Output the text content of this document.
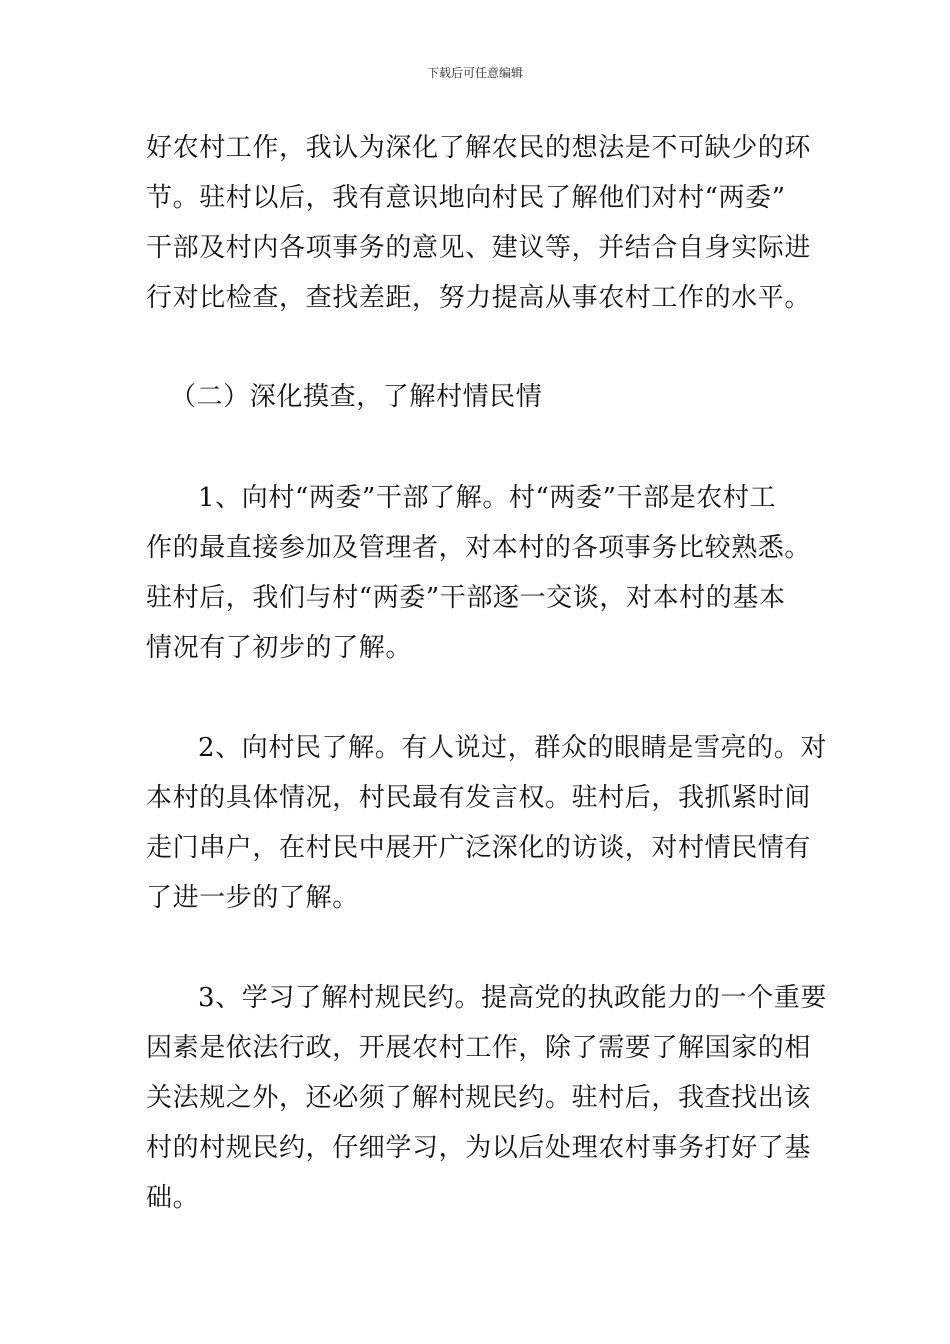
下载后可任意编辑
好农村工作，我认为深化了解农民的想法是不可缺少的环
节。驻村以后，我有意识地向村民了解他们对村“两委”
干部及村内各项事务的意见、建议等，并结合自身实际进
行对比检查，查找差距，努力提高从事农村工作的水平。
（二）深化摸查，了解村情民情
1、向村“两委”干部了解。村“两委”干部是农村工
作的最直接参加及管理者，对本村的各项事务比较熟悉。
驻村后，我们与村“两委”干部逐一交谈，对本村的基本
情况有了初步的了解。
2、向村民了解。有人说过，群众的眼睛是雪亮的。对
本村的具体情况，村民最有发言权。驻村后，我抓紧时间
走门串户，在村民中展开广泛深化的访谈，对村情民情有
了进一步的了解。
3、学习了解村规民约。提高党的执政能力的一个重要
因素是依法行政，开展农村工作，除了需要了解国家的相
关法规之外，还必须了解村规民约。驻村后，我查找出该
村的村规民约，仔细学习，为以后处理农村事务打好了基
础。
